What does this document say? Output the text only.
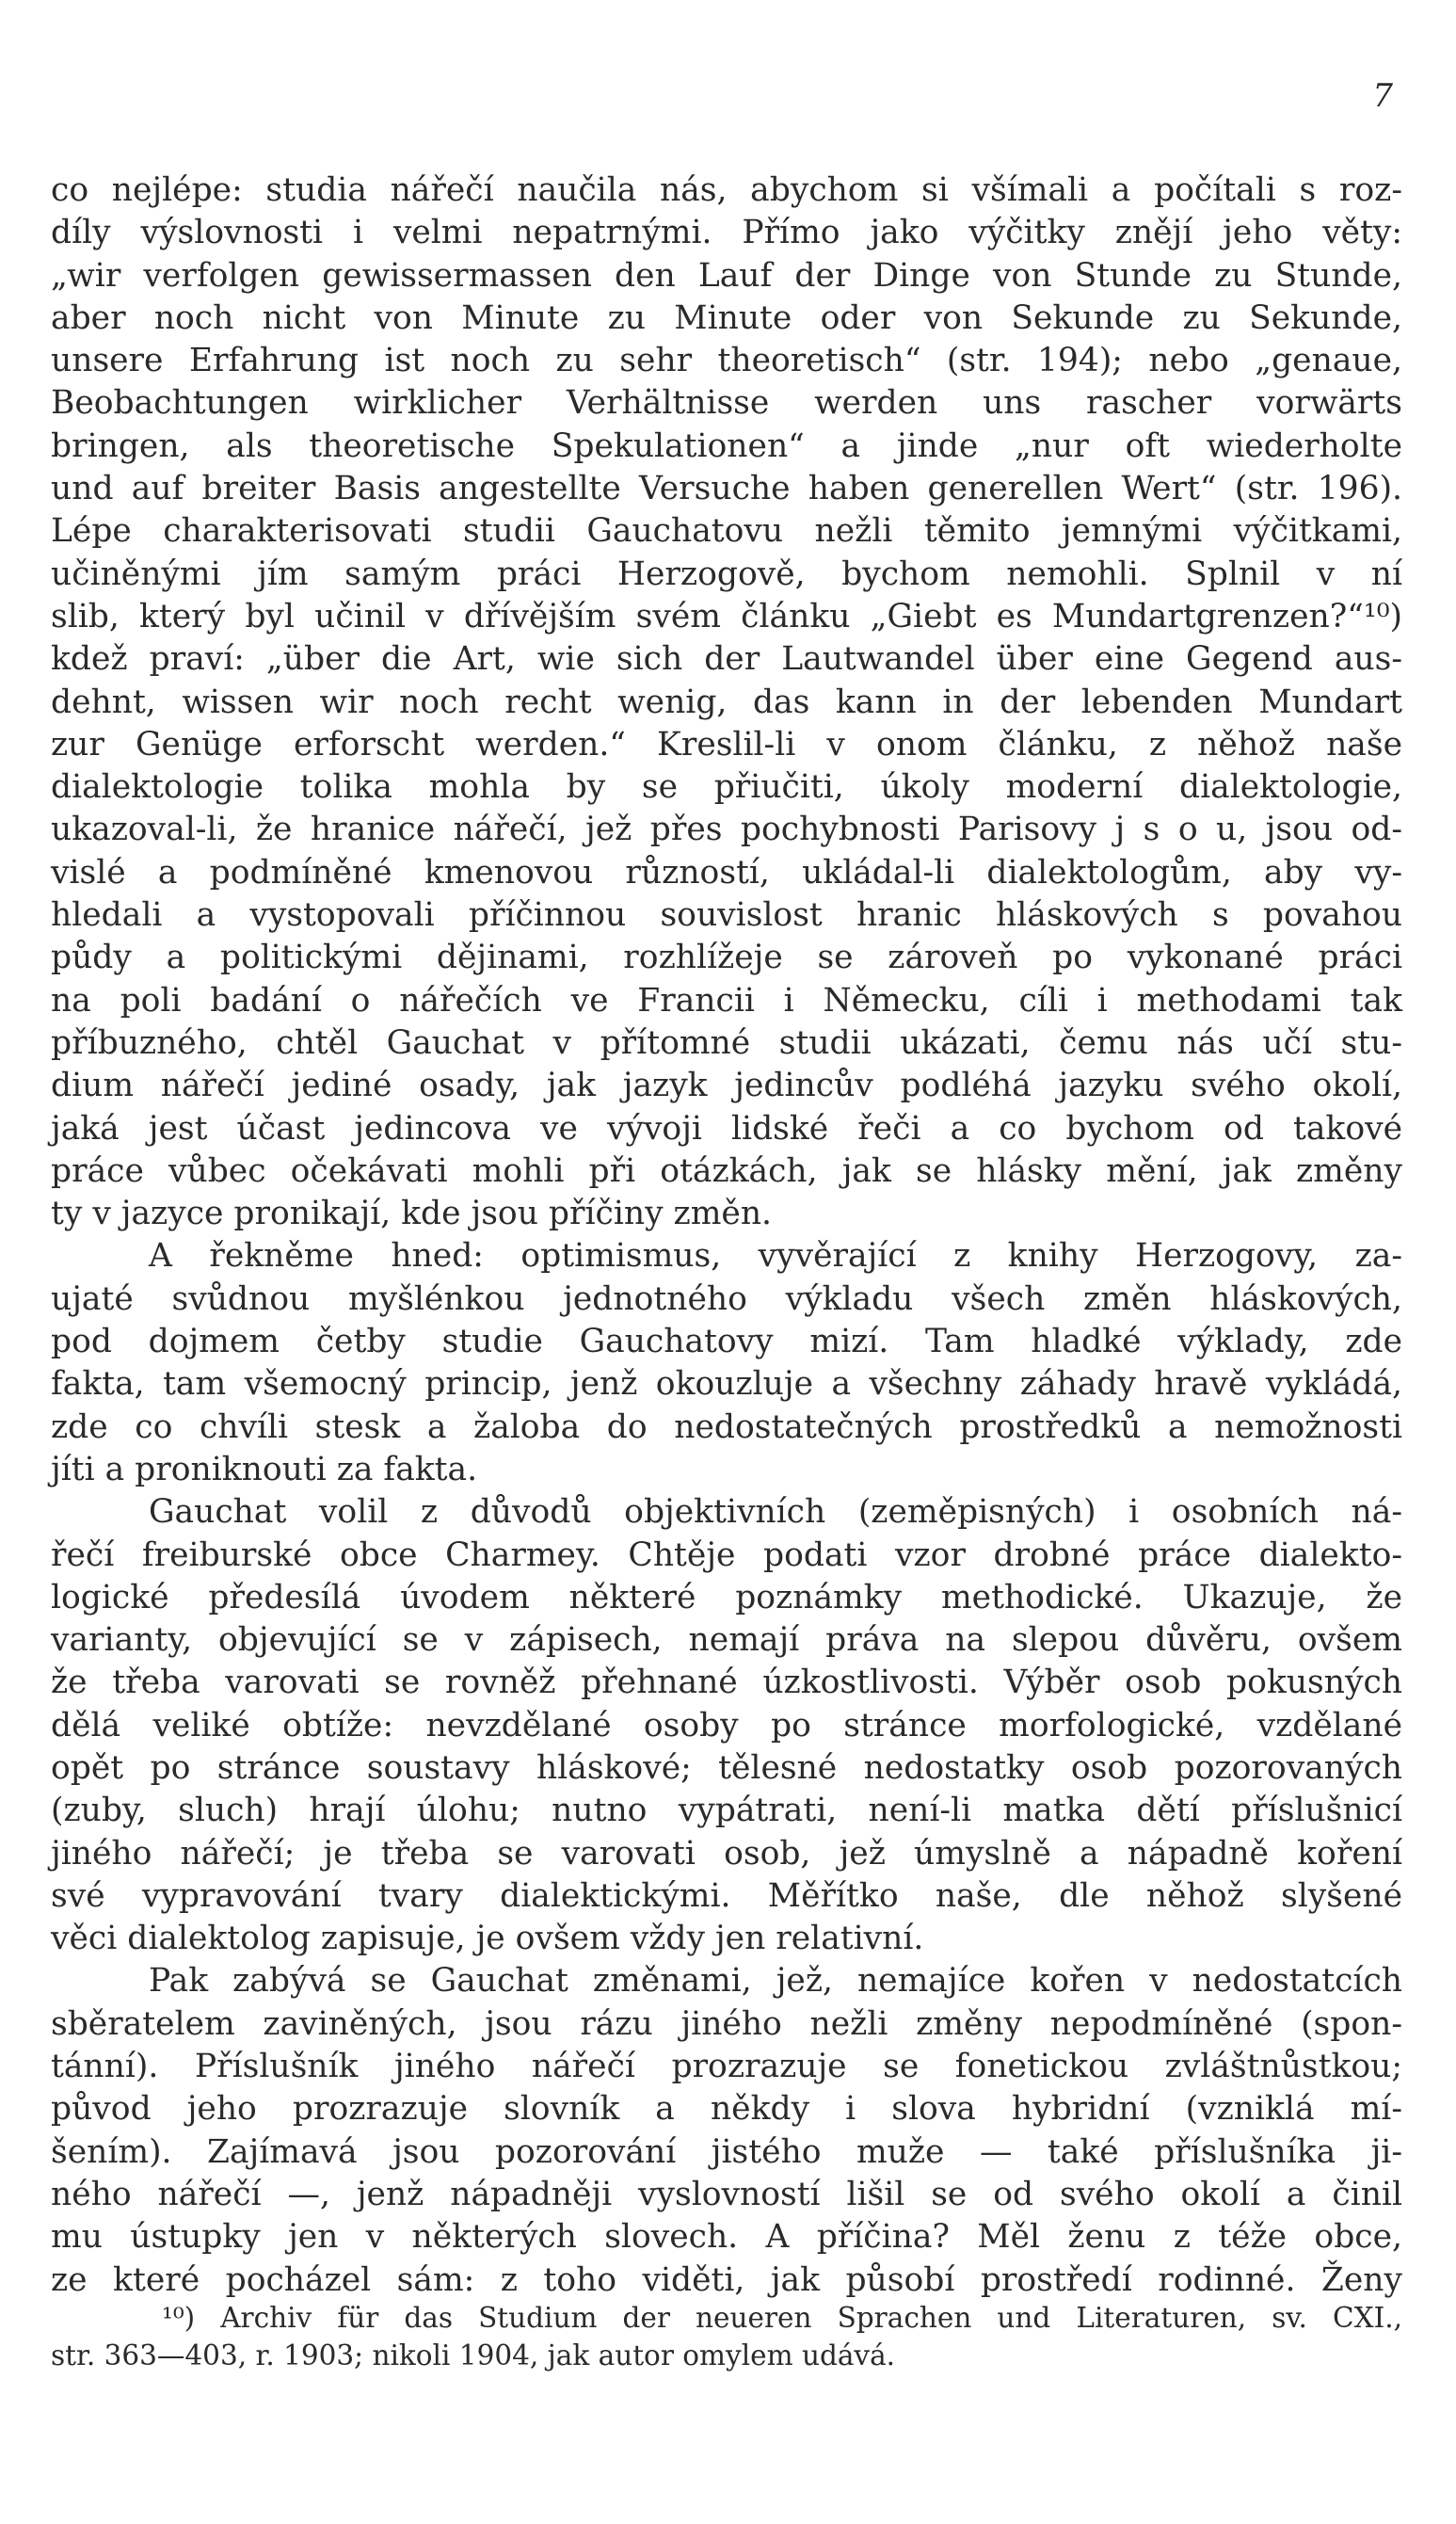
7

co nejlépe: studia nářečí naučila nás, abychom si všímali a počítali s roz-
díly výslovnosti i velmi nepatrnými. Přímo jako výčitky znějí jeho věty:
„wir verfolgen gewissermassen den Lauf der Dinge von Stunde zu Stunde,
aber noch nicht von Minute zu Minute oder von Sekunde zu Sekunde,
unsere Erfahrung ist noch zu sehr theoretisch“ (str. 194); nebo „genaue,
Beobachtungen wirklicher Verhältnisse werden uns rascher vorwärts
bringen, als theoretische Spekulationen“ a jinde „nur oft wiederholte
und auf breiter Basis angestellte Versuche haben generellen Wert“ (str. 196).
Lépe charakterisovati studii Gauchatovu nežli těmito jemnými výčitkami,
učiněnými jím samým práci Herzogově, bychom nemohli. Splnil v ní
slib, který byl učinil v dřívějším svém článku „Giebt es Mundartgrenzen?“¹⁰)
kdež praví: „über die Art, wie sich der Lautwandel über eine Gegend aus-
dehnt, wissen wir noch recht wenig, das kann in der lebenden Mundart
zur Genüge erforscht werden.“ Kreslil-li v onom článku, z něhož naše
dialektologie tolika mohla by se přiučiti, úkoly moderní dialektologie,
ukazoval-li, že hranice nářečí, jež přes pochybnosti Parisovy j s o u, jsou od-
vislé a podmíněné kmenovou růzností, ukládal-li dialektologům, aby vy-
hledali a vystopovali příčinnou souvislost hranic hláskových s povahou
půdy a politickými dějinami, rozhlížeje se zároveň po vykonané práci
na poli badání o nářečích ve Francii i Německu, cíli i methodami tak
příbuzného, chtěl Gauchat v přítomné studii ukázati, čemu nás učí stu-
dium nářečí jediné osady, jak jazyk jedincův podléhá jazyku svého okolí,
jaká jest účast jedincova ve vývoji lidské řeči a co bychom od takové
práce vůbec očekávati mohli při otázkách, jak se hlásky mění, jak změny
ty v jazyce pronikají, kde jsou příčiny změn.

A řekněme hned: optimismus, vyvěrající z knihy Herzogovy, za-
ujaté svůdnou myšlénkou jednotného výkladu všech změn hláskových,
pod dojmem četby studie Gauchatovy mizí. Tam hladké výklady, zde
fakta, tam všemocný princip, jenž okouzluje a všechny záhady hravě vykládá,
zde co chvíli stesk a žaloba do nedostatečných prostředků a nemožnosti
jíti a proniknouti za fakta.

Gauchat volil z důvodů objektivních (zeměpisných) i osobních ná-
řečí freiburské obce Charmey. Chtěje podati vzor drobné práce dialekto-
logické předesílá úvodem některé poznámky methodické. Ukazuje, že
varianty, objevující se v zápisech, nemají práva na slepou důvěru, ovšem
že třeba varovati se rovněž přehnané úzkostlivosti. Výběr osob pokusných
dělá veliké obtíže: nevzdělané osoby po stránce morfologické, vzdělané
opět po stránce soustavy hláskové; tělesné nedostatky osob pozorovaných
(zuby, sluch) hrají úlohu; nutno vypátrati, není-li matka dětí příslušnicí
jiného nářečí; je třeba se varovati osob, jež úmyslně a nápadně koření
své vypravování tvary dialektickými. Měřítko naše, dle něhož slyšené
věci dialektolog zapisuje, je ovšem vždy jen relativní.

Pak zabývá se Gauchat změnami, jež, nemajíce kořen v nedostatcích
sběratelem zaviněných, jsou rázu jiného nežli změny nepodmíněné (spon-
tánní). Příslušník jiného nářečí prozrazuje se fonetickou zvláštnůstkou;
původ jeho prozrazuje slovník a někdy i slova hybridní (vzniklá mí-
šením). Zajímavá jsou pozorování jistého muže — také příslušníka ji-
ného nářečí —, jenž nápadněji vyslovností lišil se od svého okolí a činil
mu ústupky jen v některých slovech. A příčina? Měl ženu z téže obce,
ze které pocházel sám: z toho viděti, jak působí prostředí rodinné. Ženy

¹⁰) Archiv für das Studium der neueren Sprachen und Literaturen, sv. CXI.,
str. 363—403, r. 1903; nikoli 1904, jak autor omylem udává.
